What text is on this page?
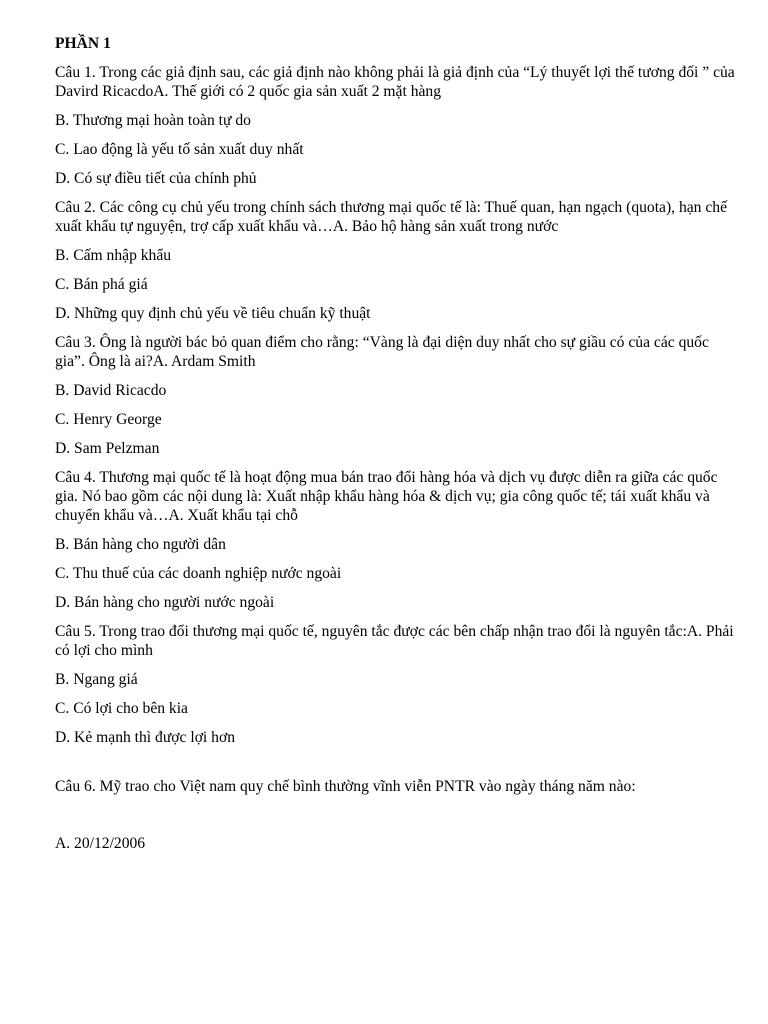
PHẦN 1

Câu 1. Trong các giả định sau, các giả định nào không phải là giả định của “Lý thuyết lợi thế tương đối ” của Davird RicacdoA. Thế giới có 2 quốc gia sản xuất 2 mặt hàng

B. Thương mại hoàn toàn tự do

C. Lao động là yếu tố sản xuất duy nhất

D. Có sự điều tiết của chính phủ

Câu 2. Các công cụ chủ yếu trong chính sách thương mại quốc tế là: Thuế quan, hạn ngạch (quota), hạn chế xuất khẩu tự nguyện, trợ cấp xuất khẩu và…A. Bảo hộ hàng sản xuất trong nước

B. Cấm nhập khẩu

C. Bán phá giá

D. Những quy định chủ yếu về tiêu chuẩn kỹ thuật

Câu 3. Ông là người bác bỏ quan điểm cho rằng: “Vàng là đại diện duy nhất cho sự giầu có của các quốc gia”. Ông là ai?A. Ardam Smith

B. David Ricacdo

C. Henry George

D. Sam Pelzman

Câu 4. Thương mại quốc tế là hoạt động mua bán trao đổi hàng hóa và dịch vụ được diễn ra giữa các quốc gia. Nó bao gồm các nội dung là: Xuất nhập khẩu hàng hóa & dịch vụ; gia công quốc tế; tái xuất khẩu và chuyển khẩu và…A. Xuất khẩu tại chỗ

B. Bán hàng cho người dân

C. Thu thuế của các doanh nghiệp nước ngoài

D. Bán hàng cho người nước ngoài

Câu 5. Trong trao đổi thương mại quốc tế, nguyên tắc được các bên chấp nhận trao đổi là nguyên tắc:A. Phải có lợi cho mình

B. Ngang giá

C. Có lợi cho bên kia

D. Kẻ mạnh thì được lợi hơn

Câu 6. Mỹ trao cho Việt nam quy chế bình thường vĩnh viễn PNTR vào ngày tháng năm nào:

A. 20/12/2006
